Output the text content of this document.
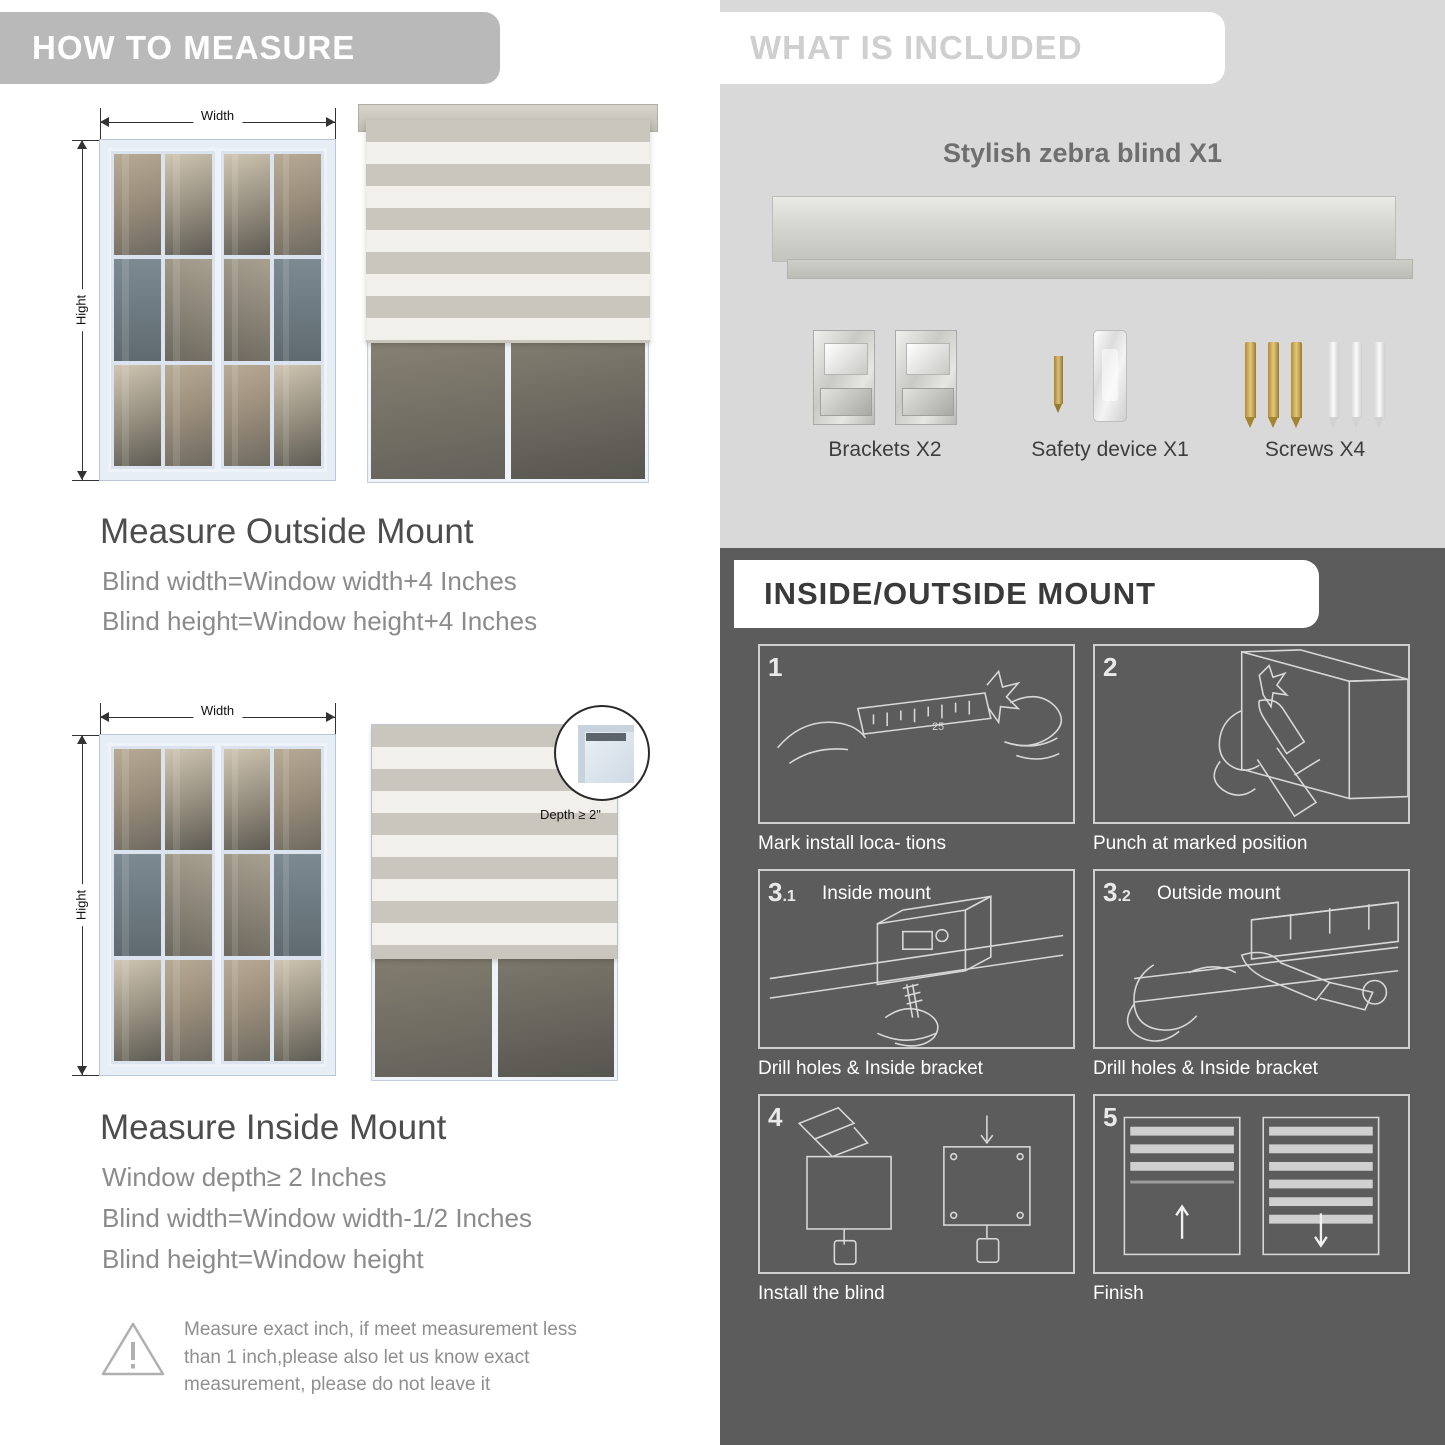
HOW TO MEASURE
Width
Hight
Measure Outside Mount
Blind width=Window width+4 Inches
Blind height=Window height+4 Inches
Width
Hight
Depth ≥ 2"
Measure Inside Mount
Window depth≥ 2 Inches
Blind width=Window width-1/2 Inches
Blind height=Window height
Measure exact inch, if meet measurement less
than 1 inch,please also let us know exact
measurement, please do not leave it
WHAT IS INCLUDED
Stylish zebra blind X1

Brackets X2	Safety device X1	Screws X4
INSIDE/OUTSIDE MOUNT
1
25
Mark install loca- tions
2
Punch at marked position
3.1 Inside mount
Drill holes & Inside bracket
3.2 Outside mount
Drill holes & Inside bracket
4
Install the blind
5
Finish
